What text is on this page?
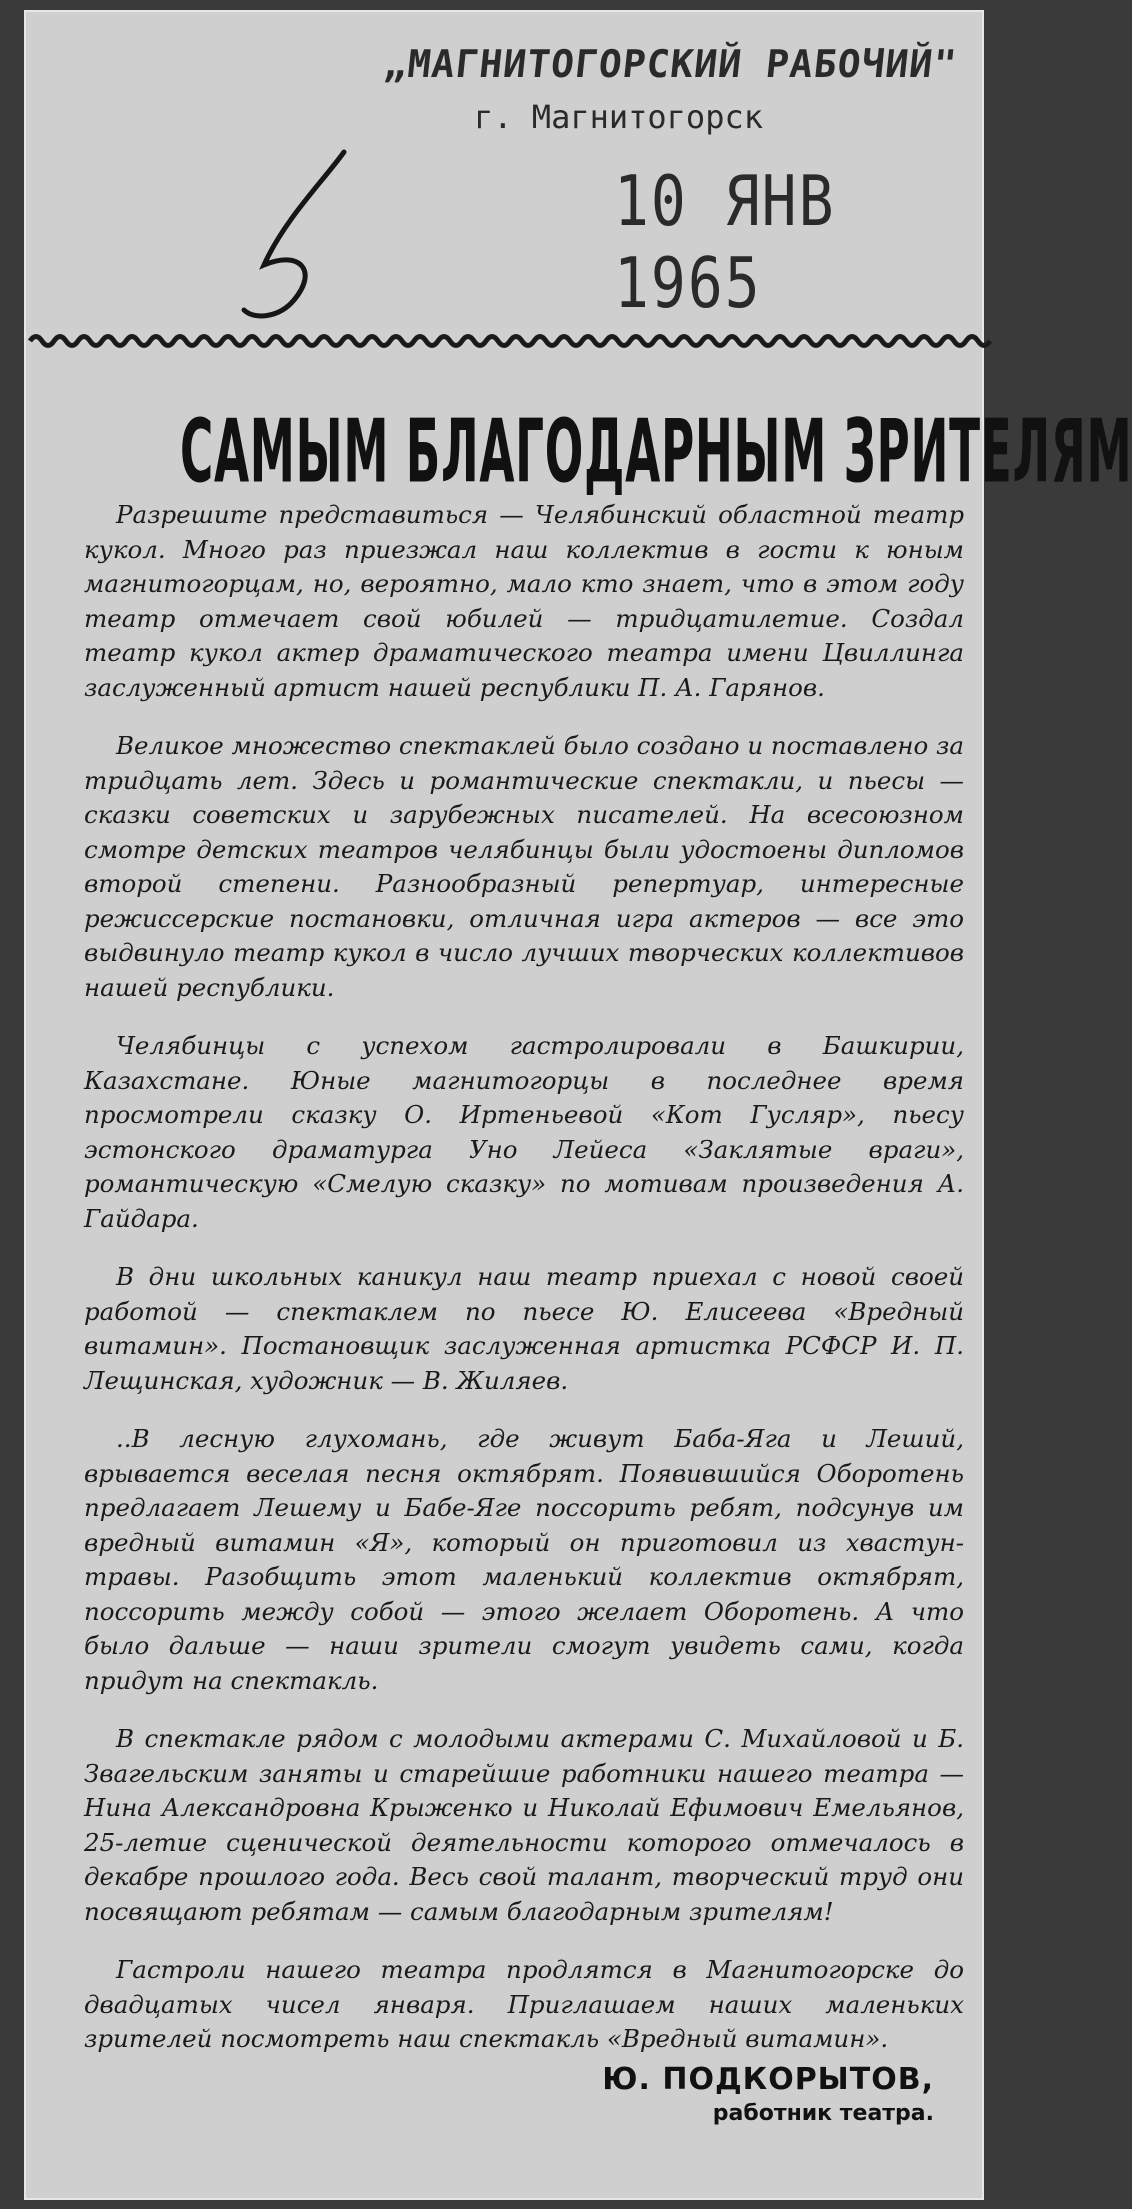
„МАГНИТОГОРСКИЙ РАБОЧИЙ"
г. Магнитогорск
10 ЯНВ 1965
САМЫМ БЛАГОДАРНЫМ ЗРИТЕЛЯМ

Разрешите представиться — Челябинский областной театр кукол. Много раз приезжал наш коллектив в гости к юным магнитогорцам, но, вероятно, мало кто знает, что в этом году театр отмечает свой юбилей — тридцатилетие. Создал театр кукол актер драматического театра имени Цвиллинга заслуженный артист нашей республики П. А. Гарянов.

Великое множество спектаклей было создано и поставлено за тридцать лет. Здесь и романтические спектакли, и пьесы — сказки советских и зарубежных писателей. На всесоюзном смотре детских театров челябинцы были удостоены дипломов второй степени. Разнообразный репертуар, интересные режиссерские постановки, отличная игра актеров — все это выдвинуло театр кукол в число лучших творческих коллективов нашей республики.

Челябинцы с успехом гастролировали в Башкирии, Казахстане. Юные магнитогорцы в последнее время просмотрели сказку О. Иртеньевой «Кот Гусляр», пьесу эстонского драматурга Уно Лейеса «Заклятые враги», романтическую «Смелую сказку» по мотивам произведения А. Гайдара.

В дни школьных каникул наш театр приехал с новой своей работой — спектаклем по пьесе Ю. Елисеева «Вредный витамин». Постановщик заслуженная артистка РСФСР И. П. Лещинская, художник — В. Жиляев.

..В лесную глухомань, где живут Баба-Яга и Леший, врывается веселая песня октябрят. Появившийся Оборотень предлагает Лешему и Бабе-Яге поссорить ребят, подсунув им вредный витамин «Я», который он приготовил из хвастун-травы. Разобщить этот маленький коллектив октябрят, поссорить между собой — этого желает Оборотень. А что было дальше — наши зрители смогут увидеть сами, когда придут на спектакль.

В спектакле рядом с молодыми актерами С. Михайловой и Б. Звагельским заняты и старейшие работники нашего театра — Нина Александровна Крыженко и Николай Ефимович Емельянов, 25-летие сценической деятельности которого отмечалось в декабре прошлого года. Весь свой талант, творческий труд они посвящают ребятам — самым благодарным зрителям!

Гастроли нашего театра продлятся в Магнитогорске до двадцатых чисел января. Приглашаем наших маленьких зрителей посмотреть наш спектакль «Вредный витамин».

Ю. ПОДКОРЫТОВ,
работник театра.
